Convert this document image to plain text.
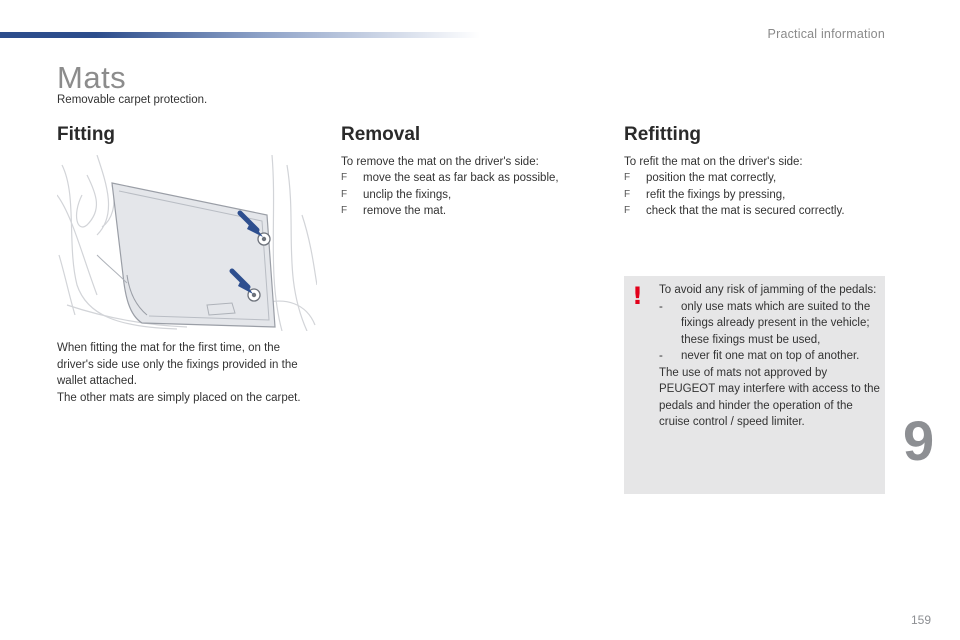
Practical information
Mats
Removable carpet protection.
Fitting
When fitting the mat for the first time, on the driver's side use only the fixings provided in the wallet attached.
The other mats are simply placed on the carpet.
Removal

To remove the mat on the driver's side:

F	move the seat as far back as possible,
F	unclip the fixings,
F	remove the mat.
Refitting

To refit the mat on the driver's side:

F	position the mat correctly,
F	refit the fixings by pressing,
F	check that the mat is secured correctly.
! To avoid any risk of jamming of the pedals:

- only use mats which are suited to the fixings already present in the vehicle; these fixings must be used,
- never fit one mat on top of another.

The use of mats not approved by PEUGEOT may interfere with access to the pedals and hinder the operation of the cruise control / speed limiter.	9
159
